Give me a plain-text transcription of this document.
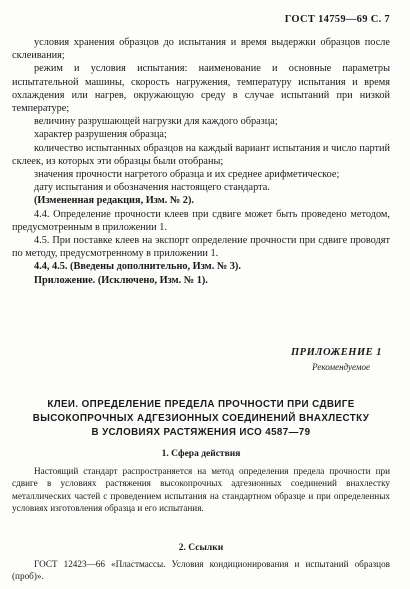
ГОСТ 14759—69 С. 7

условия хранения образцов до испытания и время выдержки образцов после склеивания;

режим и условия испытания: наименование и основные параметры испытательной машины, скорость нагружения, температуру испытания и время охлаждения или нагрев, окружающую среду в случае испытаний при низкой температуре;

величину разрушающей нагрузки для каждого образца;

характер разрушения образца;

количество испытанных образцов на каждый вариант испытания и число партий склеек, из которых эти образцы были отобраны;

значения прочности нагретого образца и их среднее арифметическое;

дату испытания и обозначения настоящего стандарта.

(Измененная редакция, Изм. № 2).

4.4. Определение прочности клеев при сдвиге может быть проведено методом, предусмотренным в приложении 1.

4.5. При поставке клеев на экспорт определение прочности при сдвиге проводят по методу, предусмотренному в приложении 1.

4.4, 4.5. (Введены дополнительно, Изм. № 3).

Приложение. (Исключено, Изм. № 1).

ПРИЛОЖЕНИЕ 1
Рекомендуемое
КЛЕИ. ОПРЕДЕЛЕНИЕ ПРЕДЕЛА ПРОЧНОСТИ ПРИ СДВИГЕ
ВЫСОКОПРОЧНЫХ АДГЕЗИОННЫХ СОЕДИНЕНИЙ ВНАХЛЕСТКУ
В УСЛОВИЯХ РАСТЯЖЕНИЯ ИСО 4587—79
1. Сфера действия

Настоящий стандарт распространяется на метод определения предела прочности при сдвиге в условиях растяжения высокопрочных адгезионных соединений внахлестку металлических частей с проведением испытания на стандартном образце и при определенных условиях изготовления образца и его испытания.

2. Ссылки

ГОСТ 12423—66 «Пластмассы. Условия кондиционирования и испытаний образцов (проб)».
